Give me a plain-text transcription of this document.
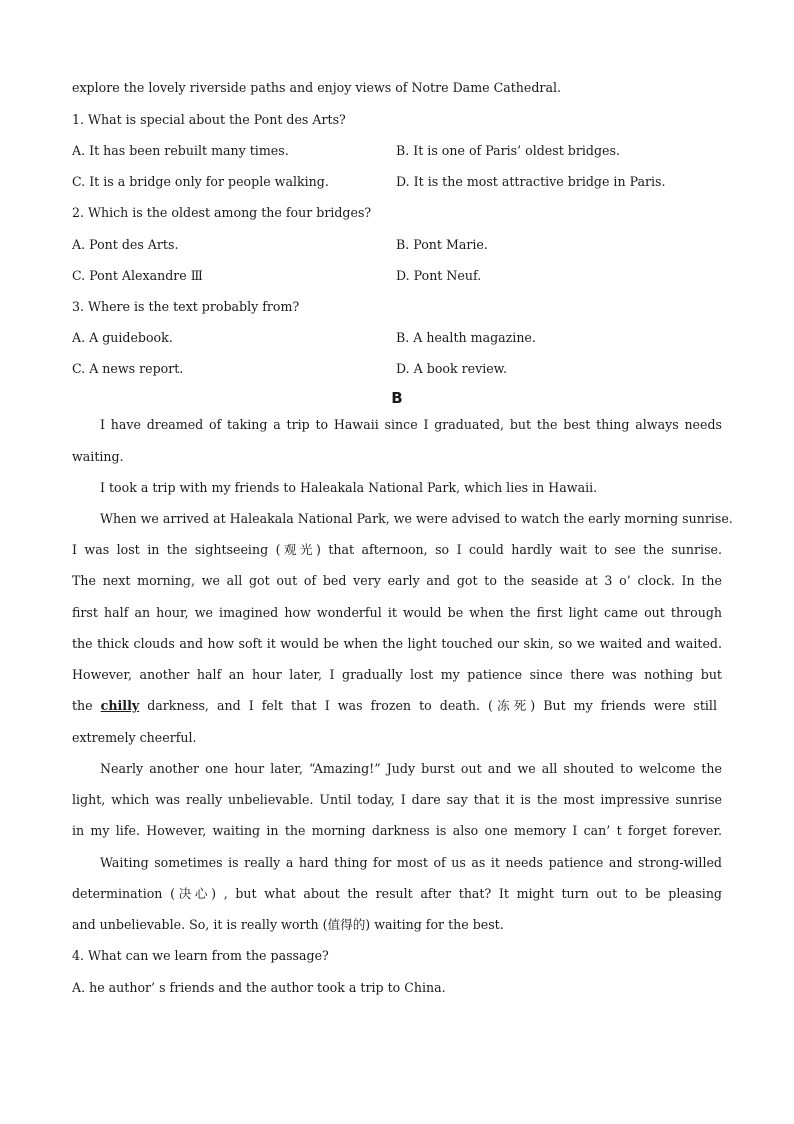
explore the lovely riverside paths and enjoy views of Notre Dame Cathedral.
1. What is special about the Pont des Arts?
A. It has been rebuilt many times.	B. It is one of Paris’ oldest bridges.
C. It is a bridge only for people walking.	D. It is the most attractive bridge in Paris.
2. Which is the oldest among the four bridges?
A. Pont des Arts.	B. Pont Marie.
C. Pont Alexandre Ⅲ	D. Pont Neuf.
3. Where is the text probably from?
A. A guidebook.	B. A health magazine.
C. A news report.	D. A book review.
B
I have dreamed of taking a trip to Hawaii since I graduated, but the best thing always needs
waiting.
I took a trip with my friends to Haleakala National Park, which lies in Hawaii.
When we arrived at Haleakala National Park, we were advised to watch the early morning sunrise.
I was lost in the sightseeing (观光) that afternoon, so I could hardly wait to see the sunrise.
The next morning, we all got out of bed very early and got to the seaside at 3 o’ clock. In the
first half an hour, we imagined how wonderful it would be when the first light came out through
the thick clouds and how soft it would be when the light touched our skin, so we waited and waited.
However, another half an hour later, I gradually lost my patience since there was nothing but
the chilly darkness, and I felt that I was frozen to death. (冻死) But my friends were still
extremely cheerful.
Nearly another one hour later, “Amazing!” Judy burst out and we all shouted to welcome the
light, which was really unbelievable. Until today, I dare say that it is the most impressive sunrise
in my life. However, waiting in the morning darkness is also one memory I can’ t forget forever.
Waiting sometimes is really a hard thing for most of us as it needs patience and strong-willed
determination (决心) , but what about the result after that? It might turn out to be pleasing
and unbelievable. So, it is really worth (值得的) waiting for the best.
4. What can we learn from the passage?
A. he author’ s friends and the author took a trip to China.
